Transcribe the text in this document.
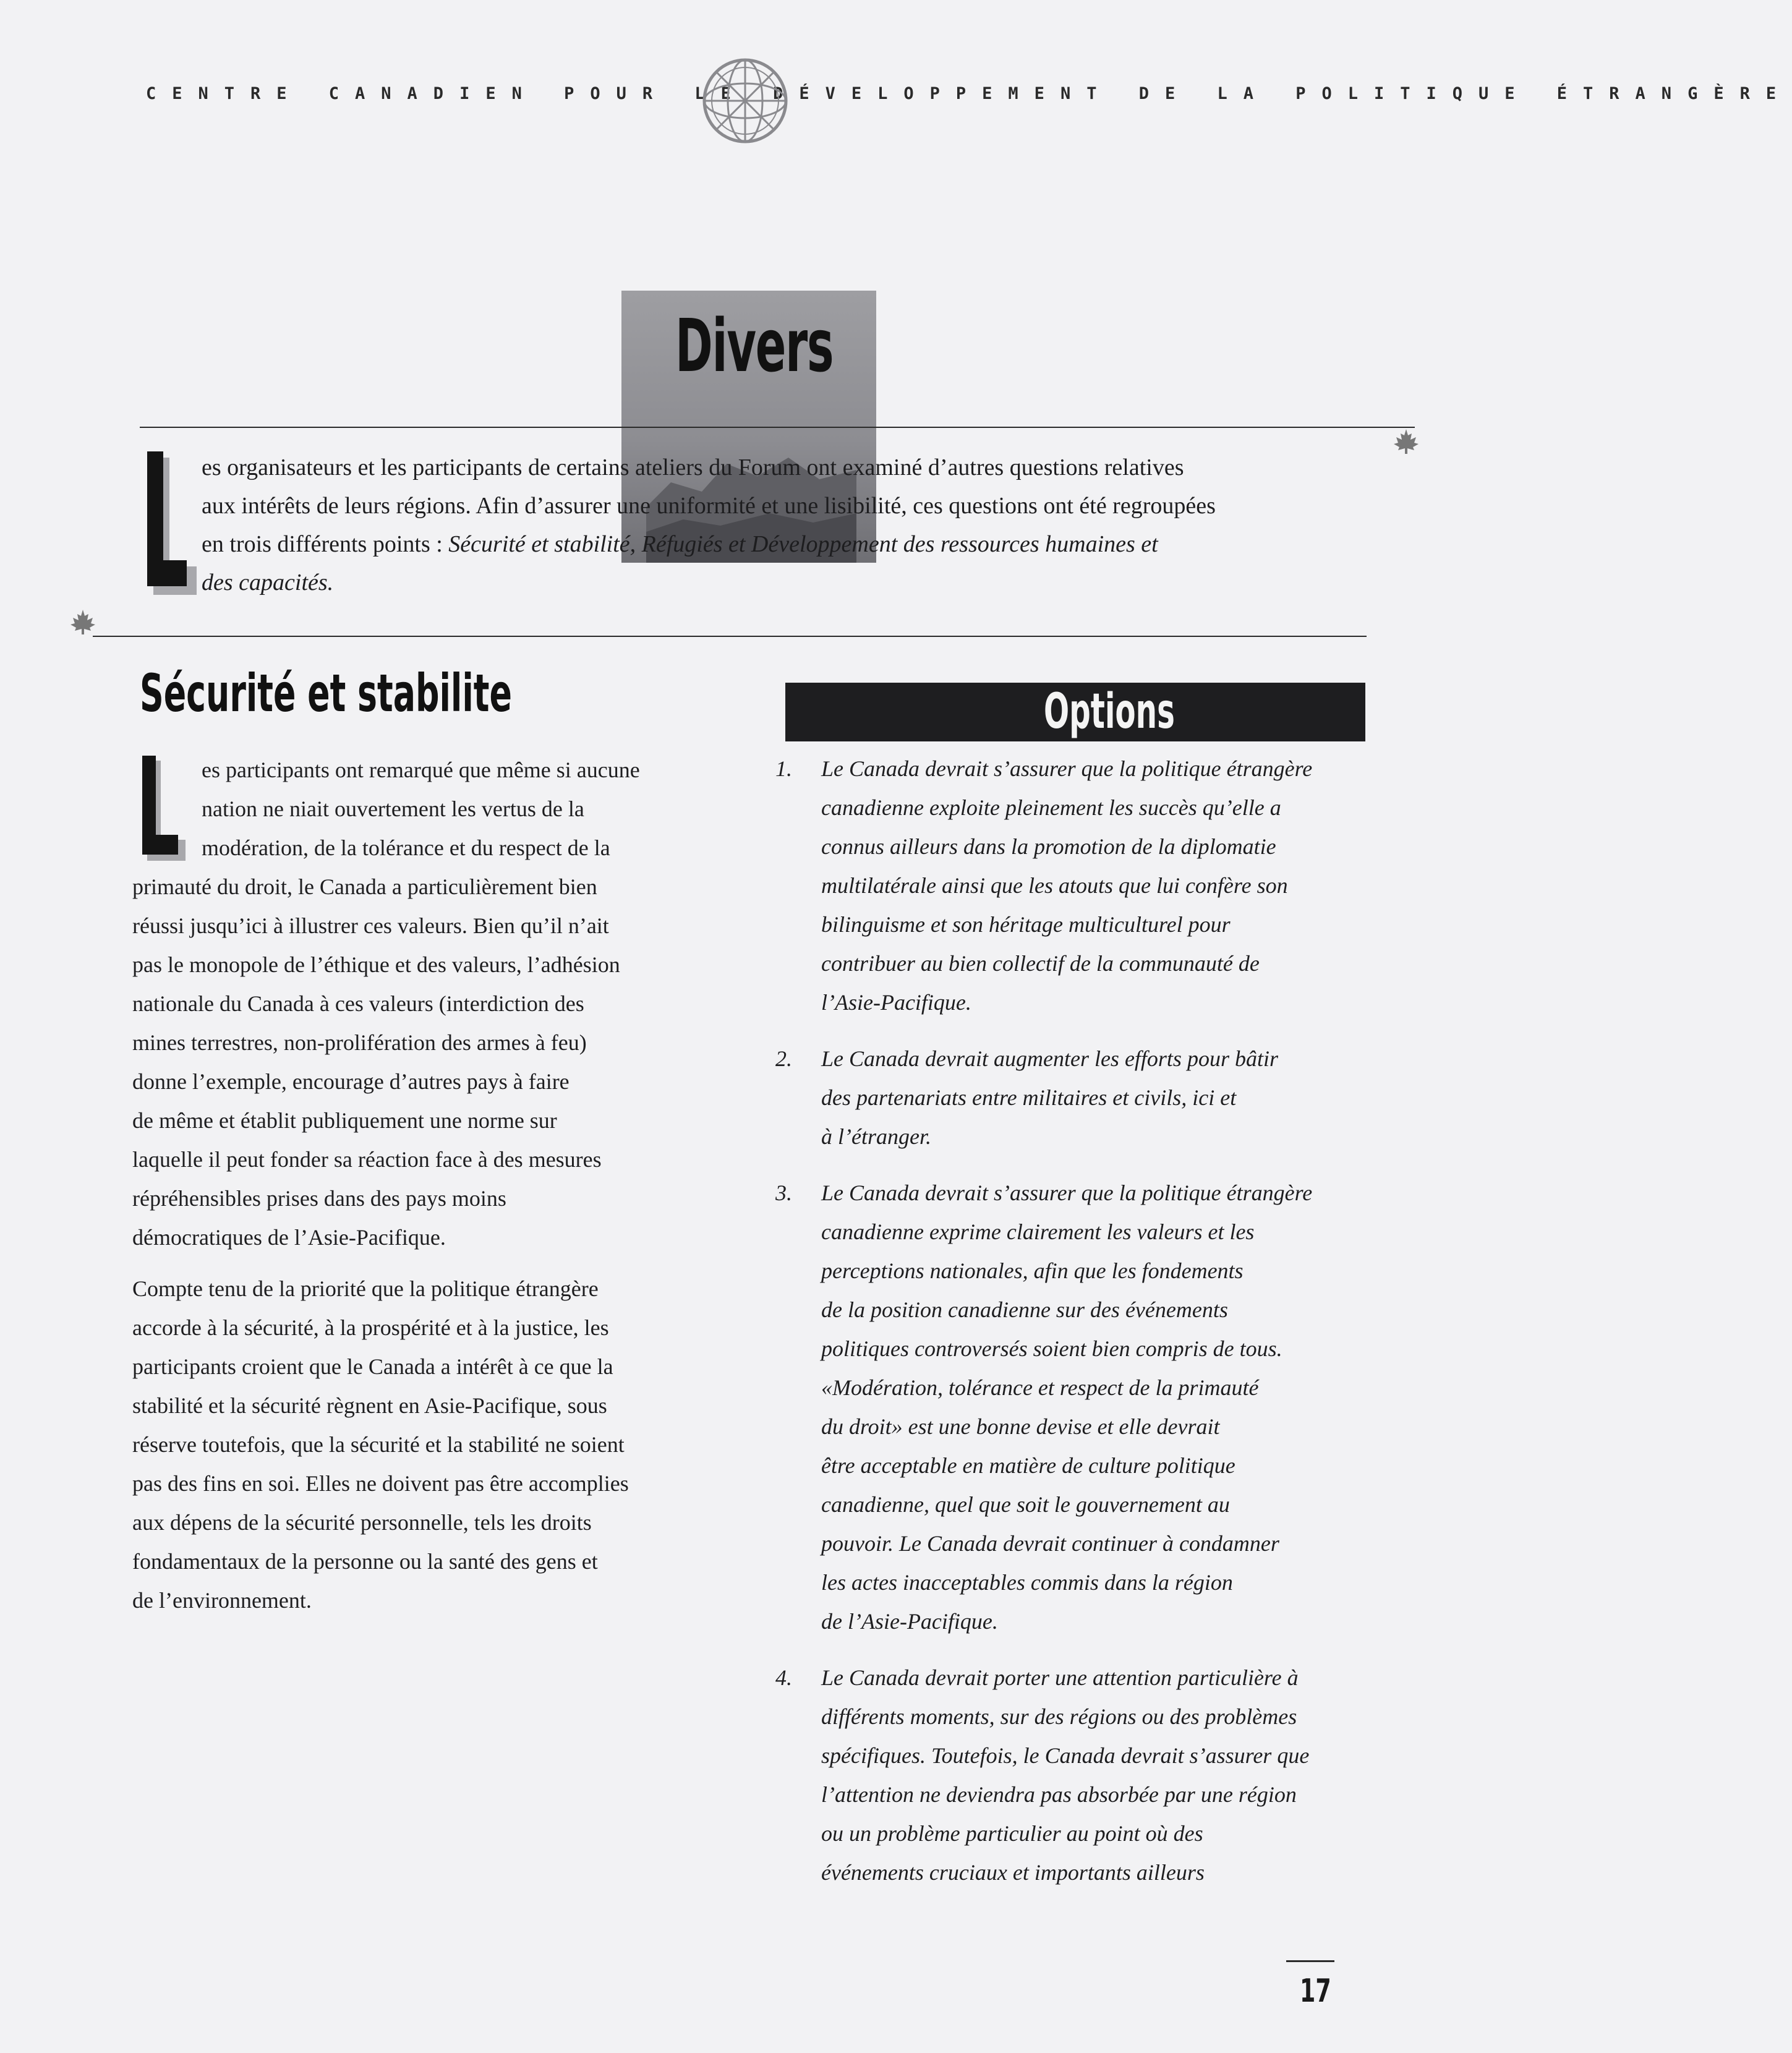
CENTRE CANADIEN POUR LE DÉVELOPPEMENT DE LA POLITIQUE ÉTRANGÈRE
Divers
es organisateurs et les participants de certains ateliers du Forum ont examiné d’autres questions relatives
aux intérêts de leurs régions. Afin d’assurer une uniformité et une lisibilité, ces questions ont été regroupées
en trois différents points : Sécurité et stabilité, Réfugiés et Développement des ressources humaines et
des capacités.
Sécurité et stabilite
es participants ont remarqué que même si aucune
nation ne niait ouvertement les vertus de la
modération, de la tolérance et du respect de la
primauté du droit, le Canada a particulièrement bien
réussi jusqu’ici à illustrer ces valeurs. Bien qu’il n’ait
pas le monopole de l’éthique et des valeurs, l’adhésion
nationale du Canada à ces valeurs (interdiction des
mines terrestres, non-prolifération des armes à feu)
donne l’exemple, encourage d’autres pays à faire
de même et établit publiquement une norme sur
laquelle il peut fonder sa réaction face à des mesures
répréhensibles prises dans des pays moins
démocratiques de l’Asie-Pacifique.
Compte tenu de la priorité que la politique étrangère
accorde à la sécurité, à la prospérité et à la justice, les
participants croient que le Canada a intérêt à ce que la
stabilité et la sécurité règnent en Asie-Pacifique, sous
réserve toutefois, que la sécurité et la stabilité ne soient
pas des fins en soi. Elles ne doivent pas être accomplies
aux dépens de la sécurité personnelle, tels les droits
fondamentaux de la personne ou la santé des gens et
de l’environnement.
Options
1.	Le Canada devrait s’assurer que la politique étrangère
canadienne exploite pleinement les succès qu’elle a
connus ailleurs dans la promotion de la diplomatie
multilatérale ainsi que les atouts que lui confère son
bilinguisme et son héritage multiculturel pour
contribuer au bien collectif de la communauté de
l’Asie-Pacifique.
2.	Le Canada devrait augmenter les efforts pour bâtir
des partenariats entre militaires et civils, ici et
à l’étranger.
3.	Le Canada devrait s’assurer que la politique étrangère
canadienne exprime clairement les valeurs et les
perceptions nationales, afin que les fondements
de la position canadienne sur des événements
politiques controversés soient bien compris de tous.
«Modération, tolérance et respect de la primauté
du droit» est une bonne devise et elle devrait
être acceptable en matière de culture politique
canadienne, quel que soit le gouvernement au
pouvoir. Le Canada devrait continuer à condamner
les actes inacceptables commis dans la région
de l’Asie-Pacifique.
4.	Le Canada devrait porter une attention particulière à
différents moments, sur des régions ou des problèmes
spécifiques. Toutefois, le Canada devrait s’assurer que
l’attention ne deviendra pas absorbée par une région
ou un problème particulier au point où des
événements cruciaux et importants ailleurs
17
